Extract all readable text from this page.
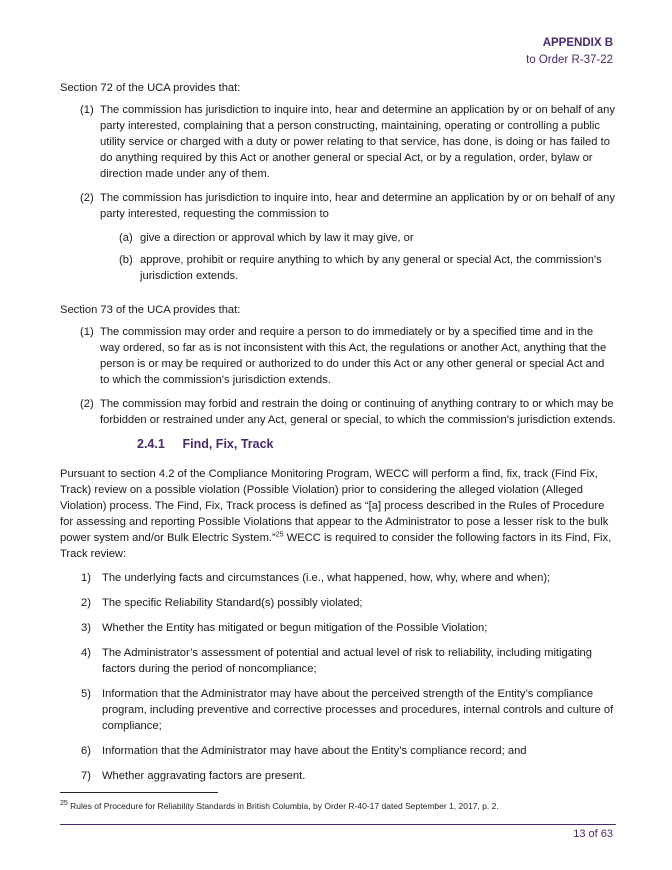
APPENDIX B
to Order R-37-22

Section 72 of the UCA provides that:

(1) The commission has jurisdiction to inquire into, hear and determine an application by or on behalf of any party interested, complaining that a person constructing, maintaining, operating or controlling a public utility service or charged with a duty or power relating to that service, has done, is doing or has failed to do anything required by this Act or another general or special Act, or by a regulation, order, bylaw or direction made under any of them.
(2) The commission has jurisdiction to inquire into, hear and determine an application by or on behalf of any party interested, requesting the commission to
(a) give a direction or approval which by law it may give, or
(b) approve, prohibit or require anything to which by any general or special Act, the commission's jurisdiction extends.

Section 73 of the UCA provides that:

(1) The commission may order and require a person to do immediately or by a specified time and in the way ordered, so far as is not inconsistent with this Act, the regulations or another Act, anything that the person is or may be required or authorized to do under this Act or any other general or special Act and to which the commission's jurisdiction extends.
(2) The commission may forbid and restrain the doing or continuing of anything contrary to or which may be forbidden or restrained under any Act, general or special, to which the commission's jurisdiction extends.
2.4.1 Find, Fix, Track

Pursuant to section 4.2 of the Compliance Monitoring Program, WECC will perform a find, fix, track (Find Fix, Track) review on a possible violation (Possible Violation) prior to considering the alleged violation (Alleged Violation) process. The Find, Fix, Track process is defined as “[a] process described in the Rules of Procedure for assessing and reporting Possible Violations that appear to the Administrator to pose a lesser risk to the bulk power system and/or Bulk Electric System.”$^{25}$ WECC is required to consider the following factors in its Find, Fix, Track review:

1) The underlying facts and circumstances (i.e., what happened, how, why, where and when);
2) The specific Reliability Standard(s) possibly violated;
3) Whether the Entity has mitigated or begun mitigation of the Possible Violation;
4) The Administrator’s assessment of potential and actual level of risk to reliability, including mitigating factors during the period of noncompliance;
5) Information that the Administrator may have about the perceived strength of the Entity’s compliance program, including preventive and corrective processes and procedures, internal controls and culture of compliance;
6) Information that the Administrator may have about the Entity’s compliance record; and
7) Whether aggravating factors are present.
$^{25}$ Rules of Procedure for Reliability Standards in British Columbia, by Order R-40-17 dated September 1, 2017, p. 2.
13 of 63
